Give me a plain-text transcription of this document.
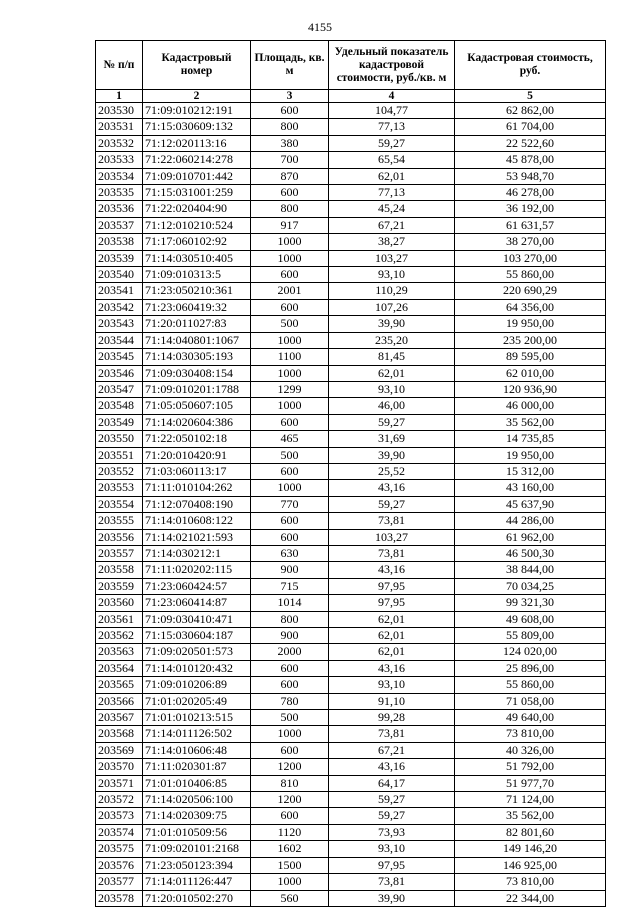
4155
№ п/п	Кадастровый номер	Площадь, кв. м	Удельный показатель кадастровой стоимости, руб./кв. м	Кадастровая стоимость, руб.
1	2	3	4	5
203530	71:09:010212:191	600	104,77	62 862,00
203531	71:15:030609:132	800	77,13	61 704,00
203532	71:12:020113:16	380	59,27	22 522,60
203533	71:22:060214:278	700	65,54	45 878,00
203534	71:09:010701:442	870	62,01	53 948,70
203535	71:15:031001:259	600	77,13	46 278,00
203536	71:22:020404:90	800	45,24	36 192,00
203537	71:12:010210:524	917	67,21	61 631,57
203538	71:17:060102:92	1000	38,27	38 270,00
203539	71:14:030510:405	1000	103,27	103 270,00
203540	71:09:010313:5	600	93,10	55 860,00
203541	71:23:050210:361	2001	110,29	220 690,29
203542	71:23:060419:32	600	107,26	64 356,00
203543	71:20:011027:83	500	39,90	19 950,00
203544	71:14:040801:1067	1000	235,20	235 200,00
203545	71:14:030305:193	1100	81,45	89 595,00
203546	71:09:030408:154	1000	62,01	62 010,00
203547	71:09:010201:1788	1299	93,10	120 936,90
203548	71:05:050607:105	1000	46,00	46 000,00
203549	71:14:020604:386	600	59,27	35 562,00
203550	71:22:050102:18	465	31,69	14 735,85
203551	71:20:010420:91	500	39,90	19 950,00
203552	71:03:060113:17	600	25,52	15 312,00
203553	71:11:010104:262	1000	43,16	43 160,00
203554	71:12:070408:190	770	59,27	45 637,90
203555	71:14:010608:122	600	73,81	44 286,00
203556	71:14:021021:593	600	103,27	61 962,00
203557	71:14:030212:1	630	73,81	46 500,30
203558	71:11:020202:115	900	43,16	38 844,00
203559	71:23:060424:57	715	97,95	70 034,25
203560	71:23:060414:87	1014	97,95	99 321,30
203561	71:09:030410:471	800	62,01	49 608,00
203562	71:15:030604:187	900	62,01	55 809,00
203563	71:09:020501:573	2000	62,01	124 020,00
203564	71:14:010120:432	600	43,16	25 896,00
203565	71:09:010206:89	600	93,10	55 860,00
203566	71:01:020205:49	780	91,10	71 058,00
203567	71:01:010213:515	500	99,28	49 640,00
203568	71:14:011126:502	1000	73,81	73 810,00
203569	71:14:010606:48	600	67,21	40 326,00
203570	71:11:020301:87	1200	43,16	51 792,00
203571	71:01:010406:85	810	64,17	51 977,70
203572	71:14:020506:100	1200	59,27	71 124,00
203573	71:14:020309:75	600	59,27	35 562,00
203574	71:01:010509:56	1120	73,93	82 801,60
203575	71:09:020101:2168	1602	93,10	149 146,20
203576	71:23:050123:394	1500	97,95	146 925,00
203577	71:14:011126:447	1000	73,81	73 810,00
203578	71:20:010502:270	560	39,90	22 344,00
